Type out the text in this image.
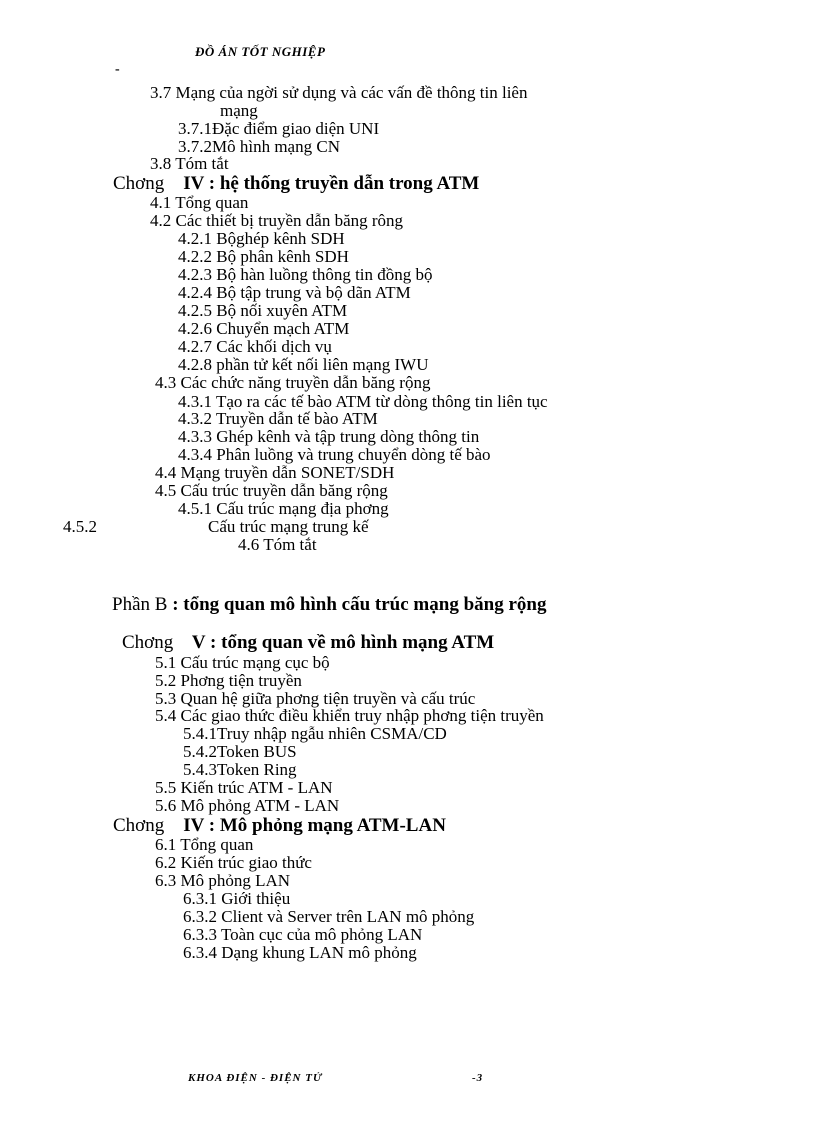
ĐỒ ÁN TỐT NGHIỆP
-
3.7 Mạng của ngời sử dụng và các vấn đề thông tin liên
mạng
3.7.1Đặc điểm giao diện UNI
3.7.2Mô hình mạng CN
3.8 Tóm tắt
Chơng IV : hệ thống truyền dẫn trong ATM
4.1 Tổng quan
4.2 Các thiết bị truyền dẫn băng rông
4.2.1 Bộghép kênh SDH
4.2.2 Bộ phân kênh SDH
4.2.3 Bộ hàn luồng thông tin đồng bộ
4.2.4 Bộ tập trung và bộ dãn ATM
4.2.5 Bộ nối xuyên ATM
4.2.6 Chuyển mạch ATM
4.2.7 Các khối dịch vụ
4.2.8 phần tử kết nối liên mạng IWU
4.3 Các chức năng truyền dẫn băng rộng
4.3.1 Tạo ra các tế bào ATM từ dòng thông tin liên tục
4.3.2 Truyền dẫn tế bào ATM
4.3.3 Ghép kênh và tập trung dòng thông tin
4.3.4 Phân luồng và trung chuyển dòng tế bào
4.4 Mạng truyền dẫn SONET/SDH
4.5 Cấu trúc truyền dẫn băng rộng
4.5.1 Cấu trúc mạng địa phơng
4.5.2	Cấu trúc mạng trung kế
4.6 Tóm tắt
Phần B : tổng quan mô hình cấu trúc mạng băng rộng
Chơng V : tổng quan về mô hình mạng ATM
5.1 Cấu trúc mạng cục bộ
5.2 Phơng tiện truyền
5.3 Quan hệ giữa phơng tiện truyền và cấu trúc
5.4 Các giao thức điều khiển truy nhập phơng tiện truyền
5.4.1Truy nhập ngẫu nhiên CSMA/CD
5.4.2Token BUS
5.4.3Token Ring
5.5 Kiến trúc ATM - LAN
5.6 Mô phỏng ATM - LAN
Chơng IV : Mô phỏng mạng ATM-LAN
6.1 Tổng quan
6.2 Kiến trúc giao thức
6.3 Mô phỏng LAN
6.3.1 Giới thiệu
6.3.2 Client và Server trên LAN mô phỏng
6.3.3 Toàn cục của mô phỏng LAN
6.3.4 Dạng khung LAN mô phỏng
KHOA ĐIỆN - ĐIỆN TỬ	-3
